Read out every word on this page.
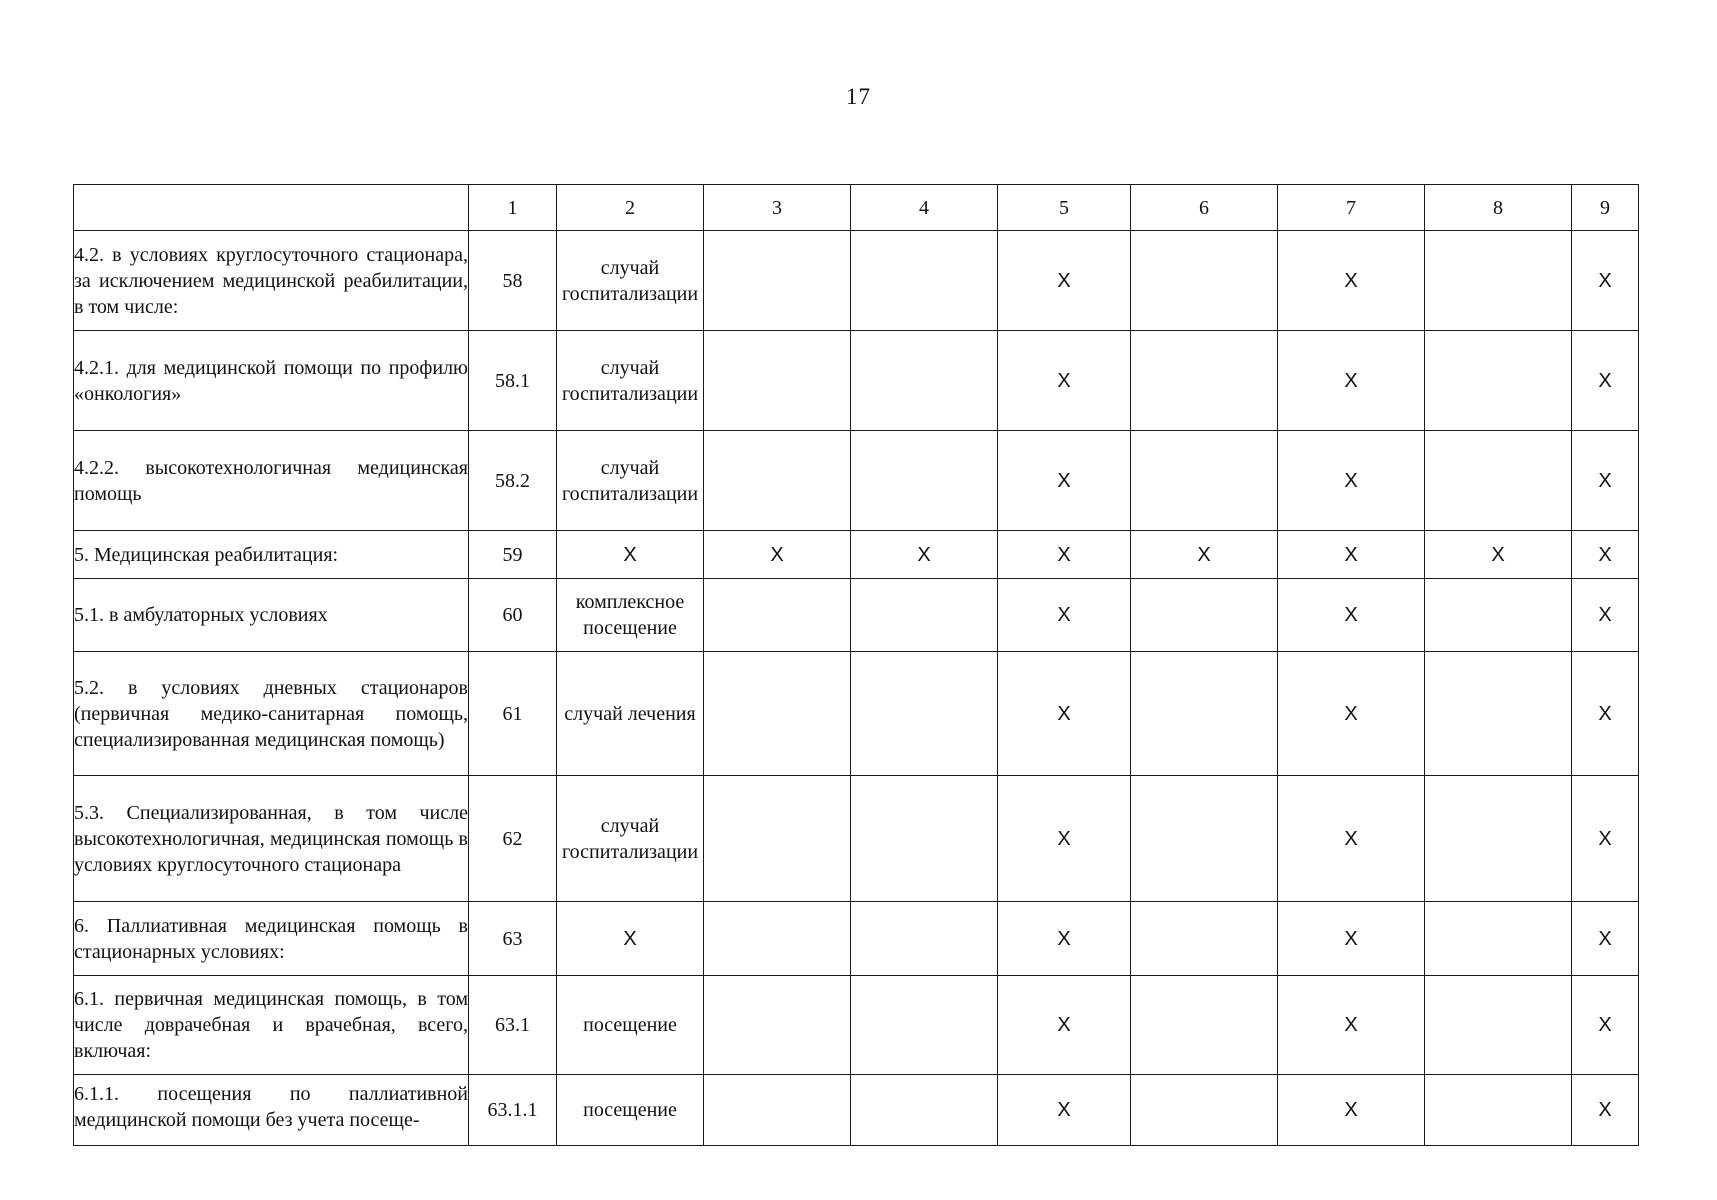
17
	1	2	3	4	5	6	7	8	9
4.2. в условиях круглосуточного стационара, за исключением медицинской реабилитации, в том числе:	58	случай госпитализации			Х		Х		Х
4.2.1. для медицинской помощи по профилю «онкология»	58.1	случай госпитализации			Х		Х		Х
4.2.2. высокотехнологичная медицинская помощь	58.2	случай госпитализации			Х		Х		Х
5. Медицинская реабилитация:	59	Х	Х	Х	Х	Х	Х	Х	Х
5.1. в амбулаторных условиях	60	комплексное посещение			Х		Х		Х
5.2. в условиях дневных стационаров (первичная медико-санитарная помощь, специализированная медицинская помощь)	61	случай лечения			Х		Х		Х
5.3. Специализированная, в том числе высокотехнологичная, медицинская помощь в условиях круглосуточного стационара	62	случай госпитализации			Х		Х		Х
6. Паллиативная медицинская помощь в стационарных условиях:	63	Х			Х		Х		Х
6.1. первичная медицинская помощь, в том числе доврачебная и врачебная, всего, включая:	63.1	посещение			Х		Х		Х

6.1.1. посещения по паллиативной медицинской помощи без учета посеще-	63.1.1	посещение			Х		Х		Х
